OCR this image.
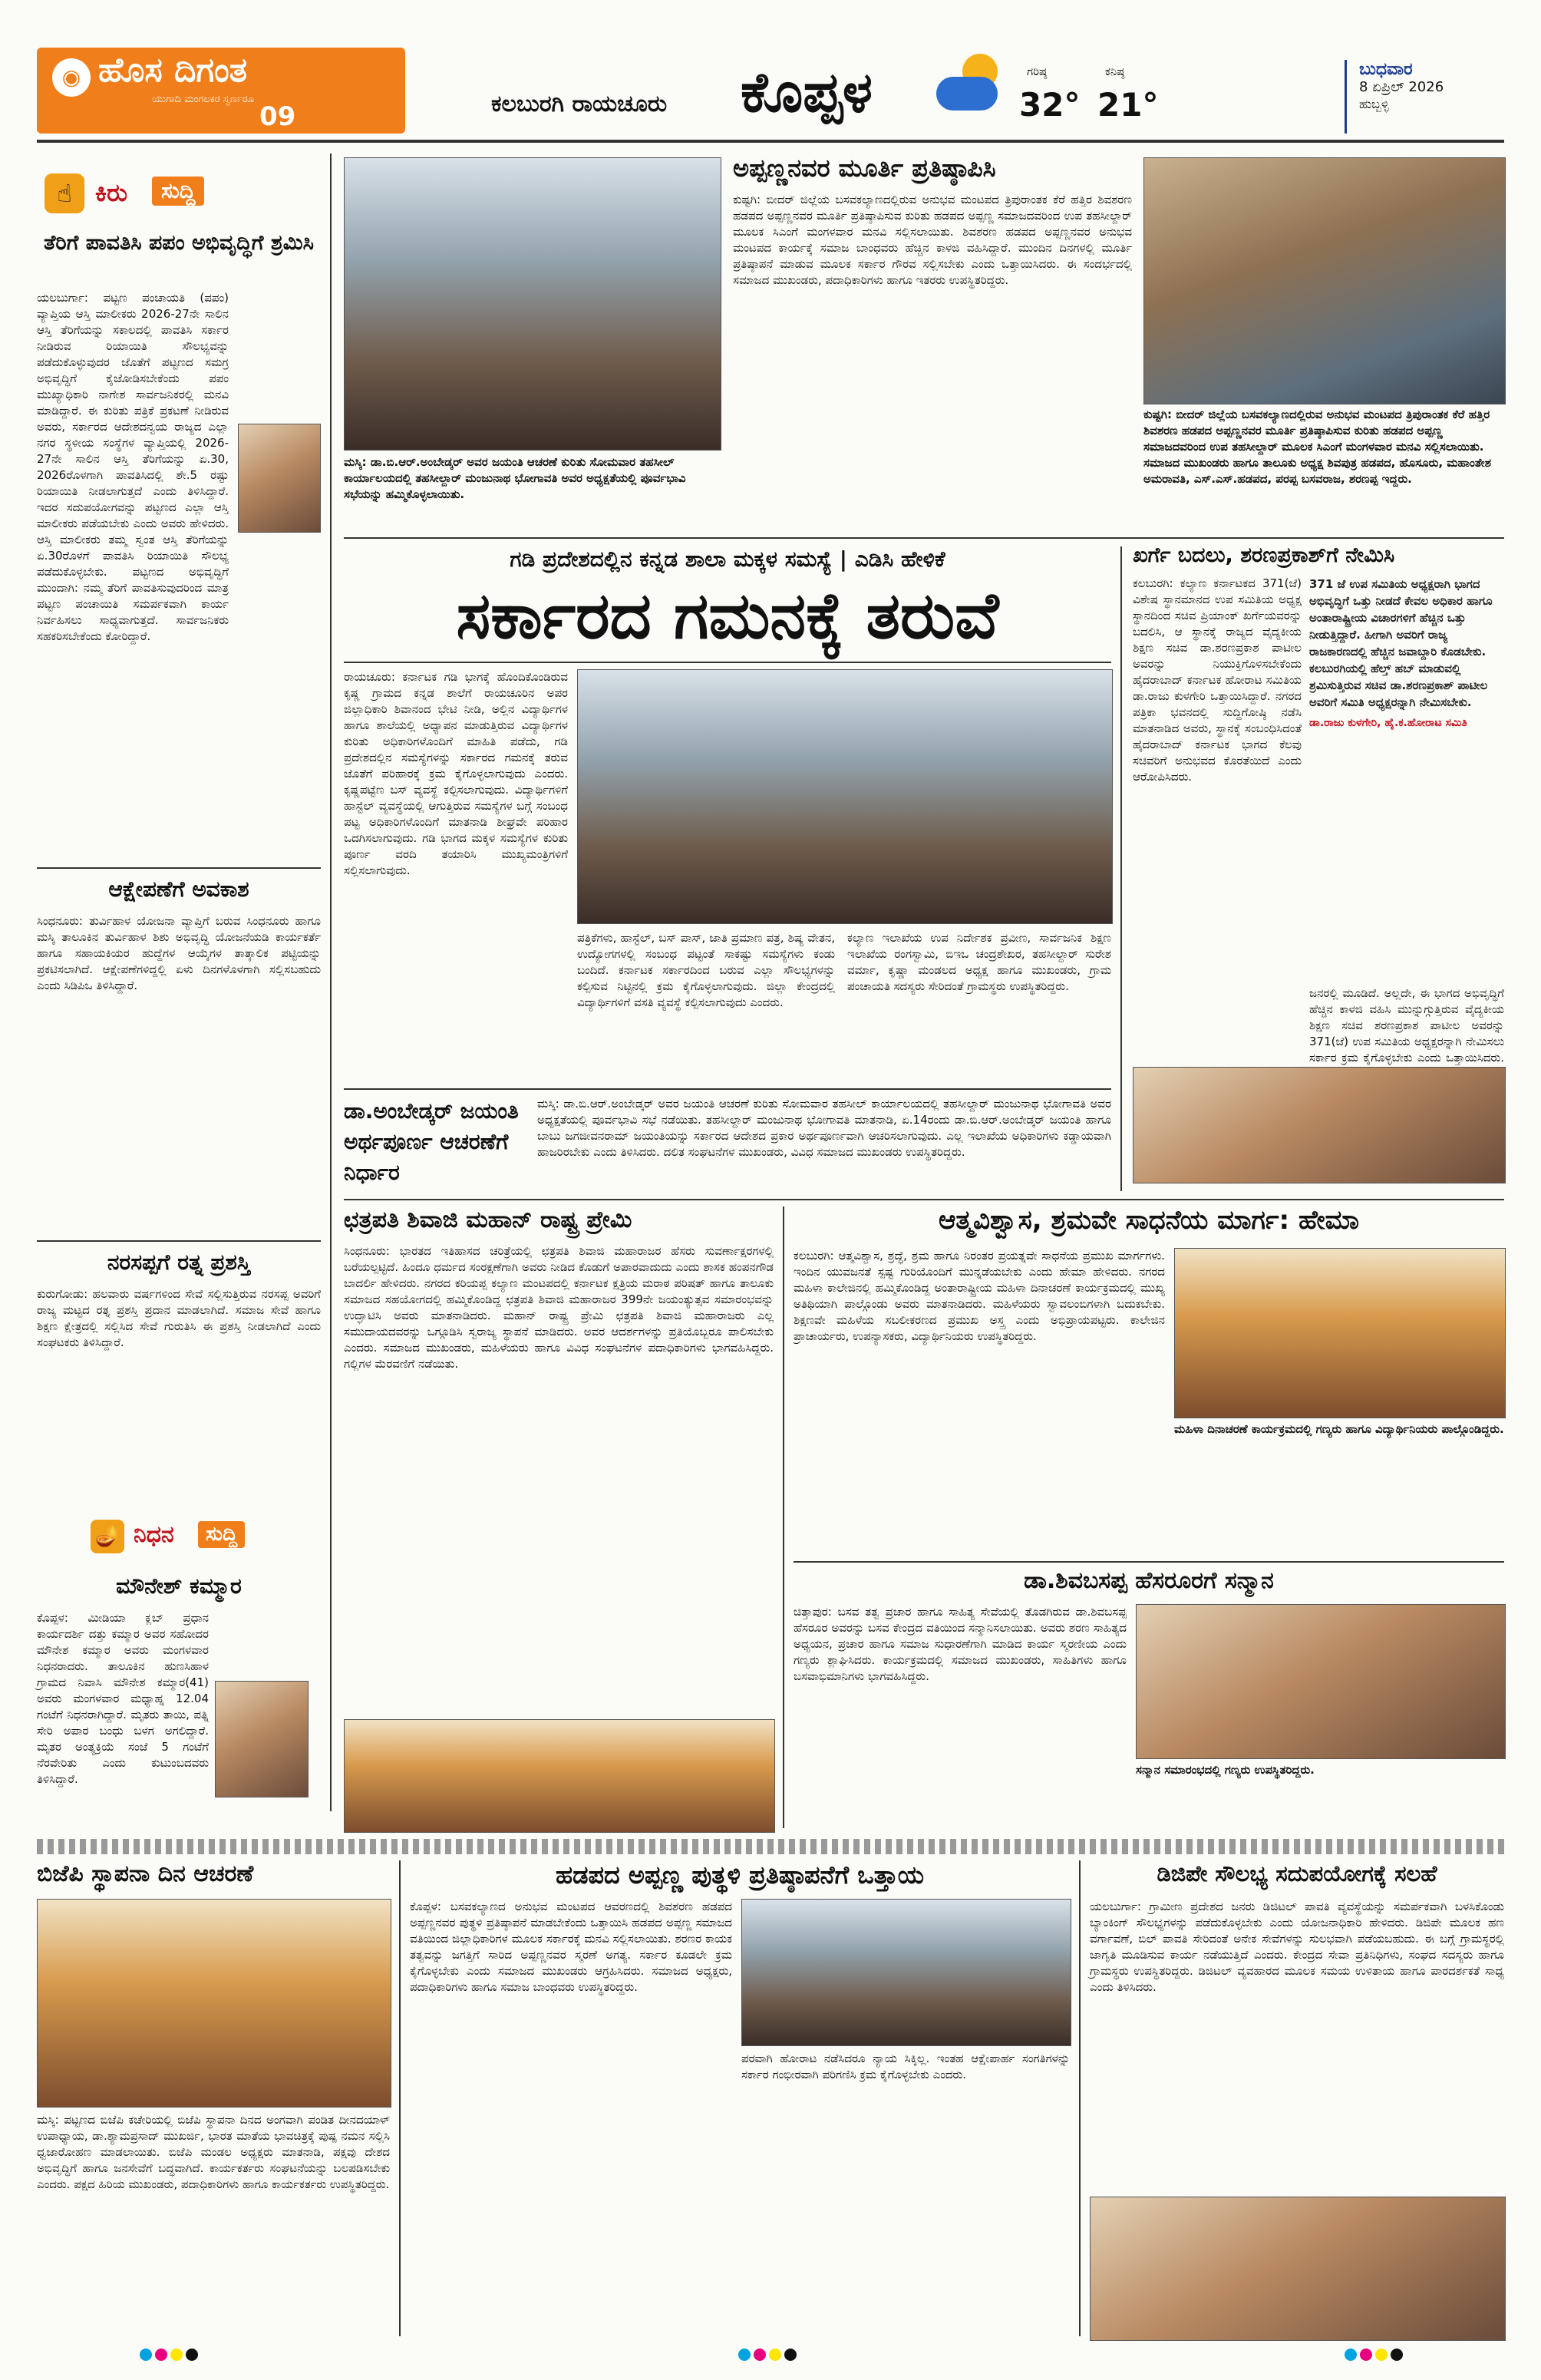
◉ ಹೊಸ ದಿಗಂತ
ಯುಗಾದಿ ಮಂಗಲಕರ ಸ್ವರ್ಣರೂ
09	ಕಲಬುರಗಿ ರಾಯಚೂರು ಕೊಪ್ಪಳ	ಗರಿಷ್ಠ
32°
ಕನಿಷ್ಠ
21°
ಬುಧವಾರ
8 ಏಪ್ರಿಲ್ 2026
ಹುಬ್ಬಳ್ಳಿ
☝ ಕಿರು	ಸುದ್ದಿ
ತೆರಿಗೆ ಪಾವತಿಸಿ ಪಪಂ ಅಭಿವೃದ್ಧಿಗೆ ಶ್ರಮಿಸಿ
ಯಲಬುರ್ಗಾ: ಪಟ್ಟಣ ಪಂಚಾಯತಿ (ಪಪಂ) ವ್ಯಾಪ್ತಿಯ ಆಸ್ತಿ ಮಾಲೀಕರು 2026-27ನೇ ಸಾಲಿನ ಆಸ್ತಿ ತೆರಿಗೆಯನ್ನು ಸಕಾಲದಲ್ಲಿ ಪಾವತಿಸಿ ಸರ್ಕಾರ ನೀಡಿರುವ ರಿಯಾಯಿತಿ ಸೌಲಭ್ಯವನ್ನು ಪಡೆದುಕೊಳ್ಳುವುದರ ಜೊತೆಗೆ ಪಟ್ಟಣದ ಸಮಗ್ರ ಅಭಿವೃದ್ಧಿಗೆ ಕೈಜೋಡಿಸಬೇಕೆಂದು ಪಪಂ ಮುಖ್ಯಾಧಿಕಾರಿ ನಾಗೇಶ ಸಾರ್ವಜನಿಕರಲ್ಲಿ ಮನವಿ ಮಾಡಿದ್ದಾರೆ. ಈ ಕುರಿತು ಪತ್ರಿಕೆ ಪ್ರಕಟಣೆ ನೀಡಿರುವ ಅವರು, ಸರ್ಕಾರದ ಆದೇಶದನ್ವಯ ರಾಜ್ಯದ ಎಲ್ಲಾ ನಗರ ಸ್ಥಳೀಯ ಸಂಸ್ಥೆಗಳ ವ್ಯಾಪ್ತಿಯಲ್ಲಿ 2026-27ನೇ ಸಾಲಿನ ಆಸ್ತಿ ತೆರಿಗೆಯನ್ನು ಏ.30, 2026ರೊಳಗಾಗಿ ಪಾವತಿಸಿದಲ್ಲಿ ಶೇ.5 ರಷ್ಟು ರಿಯಾಯಿತಿ ನೀಡಲಾಗುತ್ತದೆ ಎಂದು ತಿಳಿಸಿದ್ದಾರೆ. ಇದರ ಸದುಪಯೋಗವನ್ನು ಪಟ್ಟಣದ ಎಲ್ಲಾ ಆಸ್ತಿ ಮಾಲೀಕರು ಪಡೆಯಬೇಕು ಎಂದು ಅವರು ಹೇಳಿದರು. ಆಸ್ತಿ ಮಾಲೀಕರು ತಮ್ಮ ಸ್ವಂತ ಆಸ್ತಿ ತೆರಿಗೆಯನ್ನು ಏ.30ರೊಳಗೆ ಪಾವತಿಸಿ ರಿಯಾಯಿತಿ ಸೌಲಭ್ಯ ಪಡೆದುಕೊಳ್ಳಬೇಕು. ಪಟ್ಟಣದ ಅಭಿವೃದ್ಧಿಗೆ ಮುಂದಾಗಿ: ನಮ್ಮ ತೆರಿಗೆ ಪಾವತಿಸುವುದರಿಂದ ಮಾತ್ರ ಪಟ್ಟಣ ಪಂಚಾಯಿತಿ ಸಮರ್ಪಕವಾಗಿ ಕಾರ್ಯ ನಿರ್ವಹಿಸಲು ಸಾಧ್ಯವಾಗುತ್ತದೆ. ಸಾರ್ವಜನಿಕರು ಸಹಕರಿಸಬೇಕೆಂದು ಕೋರಿದ್ದಾರೆ.
ಆಕ್ಷೇಪಣೆಗೆ ಅವಕಾಶ
ಸಿಂಧನೂರು: ತುರ್ವಿಹಾಳ ಯೋಜನಾ ವ್ಯಾಪ್ತಿಗೆ ಬರುವ ಸಿಂಧನೂರು ಹಾಗೂ ಮಸ್ಕಿ ತಾಲೂಕಿನ ತುರ್ವಿಹಾಳ ಶಿಶು ಅಭಿವೃದ್ಧಿ ಯೋಜನೆಯಡಿ ಕಾರ್ಯಕರ್ತೆ ಹಾಗೂ ಸಹಾಯಕಿಯರ ಹುದ್ದೆಗಳ ಆಯ್ಕೆಗಳ ತಾತ್ಕಾಲಿಕ ಪಟ್ಟಿಯನ್ನು ಪ್ರಕಟಿಸಲಾಗಿದೆ. ಆಕ್ಷೇಪಣೆಗಳಿದ್ದಲ್ಲಿ ಏಳು ದಿನಗಳೊಳಗಾಗಿ ಸಲ್ಲಿಸಬಹುದು ಎಂದು ಸಿಡಿಪಿಒ ತಿಳಿಸಿದ್ದಾರೆ.
ನರಸಪ್ಪಗೆ ರತ್ನ ಪ್ರಶಸ್ತಿ
ಕುರುಗೋಡು: ಹಲವಾರು ವರ್ಷಗಳಿಂದ ಸೇವೆ ಸಲ್ಲಿಸುತ್ತಿರುವ ನರಸಪ್ಪ ಅವರಿಗೆ ರಾಜ್ಯ ಮಟ್ಟದ ರತ್ನ ಪ್ರಶಸ್ತಿ ಪ್ರದಾನ ಮಾಡಲಾಗಿದೆ. ಸಮಾಜ ಸೇವೆ ಹಾಗೂ ಶಿಕ್ಷಣ ಕ್ಷೇತ್ರದಲ್ಲಿ ಸಲ್ಲಿಸಿದ ಸೇವೆ ಗುರುತಿಸಿ ಈ ಪ್ರಶಸ್ತಿ ನೀಡಲಾಗಿದೆ ಎಂದು ಸಂಘಟಕರು ತಿಳಿಸಿದ್ದಾರೆ.
🪔 ನಿಧನ	ಸುದ್ದಿ
ಮೌನೇಶ್ ಕಮ್ಮಾರ
ಕೊಪ್ಪಳ: ಮೀಡಿಯಾ ಕ್ಲಬ್ ಪ್ರಧಾನ ಕಾರ್ಯದರ್ಶಿ ದತ್ತು ಕಮ್ಮಾರ ಅವರ ಸಹೋದರ ಮೌನೇಶ ಕಮ್ಮಾರ ಅವರು ಮಂಗಳವಾರ ನಿಧನರಾದರು. ತಾಲೂಕಿನ ಹುಣಸಿಹಾಳ ಗ್ರಾಮದ ನಿವಾಸಿ ಮೌನೇಶ ಕಮ್ಮಾರ(41) ಅವರು ಮಂಗಳವಾರ ಮಧ್ಯಾಹ್ನ 12.04 ಗಂಟೆಗೆ ನಿಧನರಾಗಿದ್ದಾರೆ. ಮೃತರು ತಾಯಿ, ಪತ್ನಿ ಸೇರಿ ಅಪಾರ ಬಂಧು ಬಳಗ ಅಗಲಿದ್ದಾರೆ. ಮೃತರ ಅಂತ್ಯಕ್ರಿಯೆ ಸಂಜೆ 5 ಗಂಟೆಗೆ ನೆರವೇರಿತು ಎಂದು ಕುಟುಂಬದವರು ತಿಳಿಸಿದ್ದಾರೆ.
ಮಸ್ಕಿ: ಡಾ.ಬಿ.ಆರ್.ಅಂಬೇಡ್ಕರ್ ಅವರ ಜಯಂತಿ ಆಚರಣೆ ಕುರಿತು ಸೋಮವಾರ ತಹಸೀಲ್ ಕಾರ್ಯಾಲಯದಲ್ಲಿ ತಹಸೀಲ್ದಾರ್ ಮಂಜುನಾಥ ಭೋಗಾವತಿ ಅವರ ಅಧ್ಯಕ್ಷತೆಯಲ್ಲಿ ಪೂರ್ವಭಾವಿ ಸಭೆಯನ್ನು ಹಮ್ಮಿಕೊಳ್ಳಲಾಯಿತು.
ಅಪ್ಪಣ್ಣನವರ ಮೂರ್ತಿ ಪ್ರತಿಷ್ಠಾಪಿಸಿ
ಕುಷ್ಟಗಿ: ಬೀದರ್ ಜಿಲ್ಲೆಯ ಬಸವಕಲ್ಯಾಣದಲ್ಲಿರುವ ಅನುಭವ ಮಂಟಪದ ತ್ರಿಪುರಾಂತಕ ಕೆರೆ ಹತ್ತಿರ ಶಿವಶರಣ ಹಡಪದ ಅಪ್ಪಣ್ಣನವರ ಮೂರ್ತಿ ಪ್ರತಿಷ್ಠಾಪಿಸುವ ಕುರಿತು ಹಡಪದ ಅಪ್ಪಣ್ಣ ಸಮಾಜದವರಿಂದ ಉಪ ತಹಸೀಲ್ದಾರ್ ಮೂಲಕ ಸಿಎಂಗೆ ಮಂಗಳವಾರ ಮನವಿ ಸಲ್ಲಿಸಲಾಯಿತು. ಶಿವಶರಣ ಹಡಪದ ಅಪ್ಪಣ್ಣನವರ ಅನುಭವ ಮಂಟಪದ ಕಾರ್ಯಕ್ಕೆ ಸಮಾಜ ಬಾಂಧವರು ಹೆಚ್ಚಿನ ಕಾಳಜಿ ವಹಿಸಿದ್ದಾರೆ. ಮುಂದಿನ ದಿನಗಳಲ್ಲಿ ಮೂರ್ತಿ ಪ್ರತಿಷ್ಠಾಪನೆ ಮಾಡುವ ಮೂಲಕ ಸರ್ಕಾರ ಗೌರವ ಸಲ್ಲಿಸಬೇಕು ಎಂದು ಒತ್ತಾಯಿಸಿದರು. ಈ ಸಂದರ್ಭದಲ್ಲಿ ಸಮಾಜದ ಮುಖಂಡರು, ಪದಾಧಿಕಾರಿಗಳು ಹಾಗೂ ಇತರರು ಉಪಸ್ಥಿತರಿದ್ದರು.
ಕುಷ್ಟಗಿ: ಬೀದರ್ ಜಿಲ್ಲೆಯ ಬಸವಕಲ್ಯಾಣದಲ್ಲಿರುವ ಅನುಭವ ಮಂಟಪದ ತ್ರಿಪುರಾಂತಕ ಕೆರೆ ಹತ್ತಿರ ಶಿವಶರಣ ಹಡಪದ ಅಪ್ಪಣ್ಣನವರ ಮೂರ್ತಿ ಪ್ರತಿಷ್ಠಾಪಿಸುವ ಕುರಿತು ಹಡಪದ ಅಪ್ಪಣ್ಣ ಸಮಾಜದವರಿಂದ ಉಪ ತಹಸೀಲ್ದಾರ್ ಮೂಲಕ ಸಿಎಂಗೆ ಮಂಗಳವಾರ ಮನವಿ ಸಲ್ಲಿಸಲಾಯಿತು. ಸಮಾಜದ ಮುಖಂಡರು ಹಾಗೂ ತಾಲೂಕು ಅಧ್ಯಕ್ಷ ಶಿವಪುತ್ರ ಹಡಪದ, ಹೊಸೂರು, ಮಹಾಂತೇಶ ಅಮರಾವತಿ, ಎಸ್.ಎಸ್.ಹಡಪದ, ಪರಪ್ಪ ಬಸವರಾಜ, ಶರಣಪ್ಪ ಇದ್ದರು.
ಗಡಿ ಪ್ರದೇಶದಲ್ಲಿನ ಕನ್ನಡ ಶಾಲಾ ಮಕ್ಕಳ ಸಮಸ್ಯೆ | ಎಡಿಸಿ ಹೇಳಿಕೆ
ಸರ್ಕಾರದ ಗಮನಕ್ಕೆ ತರುವೆ
ರಾಯಚೂರು: ಕರ್ನಾಟಕ ಗಡಿ ಭಾಗಕ್ಕೆ ಹೊಂದಿಕೊಂಡಿರುವ ಕೃಷ್ಣ ಗ್ರಾಮದ ಕನ್ನಡ ಶಾಲೆಗೆ ರಾಯಚೂರಿನ ಅಪರ ಜಿಲ್ಲಾಧಿಕಾರಿ ಶಿವಾನಂದ ಭೇಟಿ ನೀಡಿ, ಅಲ್ಲಿನ ವಿದ್ಯಾರ್ಥಿಗಳ ಹಾಗೂ ಶಾಲೆಯಲ್ಲಿ ಅಧ್ಯಾಪನ ಮಾಡುತ್ತಿರುವ ವಿದ್ಯಾರ್ಥಿಗಳ ಕುರಿತು ಅಧಿಕಾರಿಗಳೊಂದಿಗೆ ಮಾಹಿತಿ ಪಡೆದು, ಗಡಿ ಪ್ರದೇಶದಲ್ಲಿನ ಸಮಸ್ಯೆಗಳನ್ನು ಸರ್ಕಾರದ ಗಮನಕ್ಕೆ ತರುವ ಜೊತೆಗೆ ಪರಿಹಾರಕ್ಕೆ ಕ್ರಮ ಕೈಗೊಳ್ಳಲಾಗುವುದು ಎಂದರು. ಕೃಷ್ಣಪಟ್ಟೆಣ ಬಸ್ ವ್ಯವಸ್ಥೆ ಕಲ್ಪಿಸಲಾಗುವುದು. ವಿದ್ಯಾರ್ಥಿಗಳಿಗೆ ಹಾಸ್ಟೆಲ್ ವ್ಯವಸ್ಥೆಯಲ್ಲಿ ಆಗುತ್ತಿರುವ ಸಮಸ್ಯೆಗಳ ಬಗ್ಗೆ ಸಂಬಂಧ ಪಟ್ಟ ಅಧಿಕಾರಿಗಳೊಂದಿಗೆ ಮಾತನಾಡಿ ಶೀಘ್ರವೇ ಪರಿಹಾರ ಒದಗಿಸಲಾಗುವುದು. ಗಡಿ ಭಾಗದ ಮಕ್ಕಳ ಸಮಸ್ಯೆಗಳ ಕುರಿತು ಪೂರ್ಣ ವರದಿ ತಯಾರಿಸಿ ಮುಖ್ಯಮಂತ್ರಿಗಳಿಗೆ ಸಲ್ಲಿಸಲಾಗುವುದು.
ಪತ್ರಿಕೆಗಳು, ಹಾಸ್ಟೆಲ್, ಬಸ್ ಪಾಸ್, ಜಾತಿ ಪ್ರಮಾಣ ಪತ್ರ, ಶಿಷ್ಯ ವೇತನ, ಉದ್ಯೋಗಗಳಲ್ಲಿ ಸಂಬಂಧ ಪಟ್ಟಂತೆ ಸಾಕಷ್ಟು ಸಮಸ್ಯೆಗಳು ಕಂಡು ಬಂದಿದೆ. ಕರ್ನಾಟಕ ಸರ್ಕಾರದಿಂದ ಬರುವ ಎಲ್ಲಾ ಸೌಲಭ್ಯಗಳನ್ನು ಕಲ್ಪಿಸುವ ನಿಟ್ಟಿನಲ್ಲಿ ಕ್ರಮ ಕೈಗೊಳ್ಳಲಾಗುವುದು. ಜಿಲ್ಲಾ ಕೇಂದ್ರದಲ್ಲಿ ವಿದ್ಯಾರ್ಥಿಗಳಿಗೆ ವಸತಿ ವ್ಯವಸ್ಥೆ ಕಲ್ಪಿಸಲಾಗುವುದು ಎಂದರು.
ಕಲ್ಯಾಣ ಇಲಾಖೆಯ ಉಪ ನಿರ್ದೇಶಕ ಪ್ರವೀಣ, ಸಾರ್ವಜನಿಕ ಶಿಕ್ಷಣ ಇಲಾಖೆಯ ರಂಗಸ್ವಾಮಿ, ಬಿಇಒ ಚಂದ್ರಶೇಖರ, ತಹಸೀಲ್ದಾರ್ ಸುರೇಶ ವರ್ಮಾ, ಕೃಷ್ಣಾ ಮಂಡಲದ ಅಧ್ಯಕ್ಷ ಹಾಗೂ ಮುಖಂಡರು, ಗ್ರಾಮ ಪಂಚಾಯತಿ ಸದಸ್ಯರು ಸೇರಿದಂತೆ ಗ್ರಾಮಸ್ಥರು ಉಪಸ್ಥಿತರಿದ್ದರು.
ಖರ್ಗೆ ಬದಲು, ಶರಣಪ್ರಕಾಶ್‌ಗೆ ನೇಮಿಸಿ
ಕಲಬುರಗಿ: ಕಲ್ಯಾಣ ಕರ್ನಾಟಕದ 371(ಜೆ) ವಿಶೇಷ ಸ್ಥಾನಮಾನದ ಉಪ ಸಮಿತಿಯ ಅಧ್ಯಕ್ಷ ಸ್ಥಾನದಿಂದ ಸಚಿವ ಪ್ರಿಯಾಂಕ್ ಖರ್ಗೆಯವರನ್ನು ಬದಲಿಸಿ, ಆ ಸ್ಥಾನಕ್ಕೆ ರಾಜ್ಯದ ವೈದ್ಯಕೀಯ ಶಿಕ್ಷಣ ಸಚಿವ ಡಾ.ಶರಣಪ್ರಕಾಶ ಪಾಟೀಲ ಅವರನ್ನು ನಿಯುಕ್ತಿಗೊಳಿಸಬೇಕೆಂದು ಹೈದರಾಬಾದ್ ಕರ್ನಾಟಕ ಹೋರಾಟ ಸಮಿತಿಯ ಡಾ.ರಾಜು ಕುಳಗೇರಿ ಒತ್ತಾಯಿಸಿದ್ದಾರೆ. ನಗರದ ಪತ್ರಿಕಾ ಭವನದಲ್ಲಿ ಸುದ್ದಿಗೋಷ್ಠಿ ನಡೆಸಿ ಮಾತನಾಡಿದ ಅವರು, ಸ್ಥಾನಕ್ಕೆ ಸಂಬಂಧಿಸಿದಂತೆ ಹೈದರಾಬಾದ್ ಕರ್ನಾಟಕ ಭಾಗದ ಕೆಲವು ಸಚಿವರಿಗೆ ಅನುಭವದ ಕೊರತೆಯಿದೆ ಎಂದು ಆರೋಪಿಸಿದರು.
371 ಜೆ ಉಪ ಸಮಿತಿಯ ಅಧ್ಯಕ್ಷರಾಗಿ ಭಾಗದ ಅಭಿವೃದ್ಧಿಗೆ ಒತ್ತು ನೀಡದೆ ಕೇವಲ ಅಧಿಕಾರ ಹಾಗೂ ಅಂತಾರಾಷ್ಟ್ರೀಯ ವಿಚಾರಗಳಿಗೆ ಹೆಚ್ಚಿನ ಒತ್ತು ನೀಡುತ್ತಿದ್ದಾರೆ. ಹೀಗಾಗಿ ಅವರಿಗೆ ರಾಜ್ಯ ರಾಜಕಾರಣದಲ್ಲಿ ಹೆಚ್ಚಿನ ಜವಾಬ್ದಾರಿ ಕೊಡಬೇಕು. ಕಲಬುರಗಿಯಲ್ಲಿ ಹೆಲ್ತ್ ಹಬ್ ಮಾಡುವಲ್ಲಿ ಶ್ರಮಿಸುತ್ತಿರುವ ಸಚಿವ ಡಾ.ಶರಣಪ್ರಕಾಶ್ ಪಾಟೀಲ ಅವರಿಗೆ ಸಮಿತಿ ಅಧ್ಯಕ್ಷರನ್ನಾಗಿ ನೇಮಿಸಬೇಕು.
ಡಾ.ರಾಜು ಕುಳಗೇರಿ, ಹೈ.ಕ.ಹೋರಾಟ ಸಮಿತಿ
ಜನರಲ್ಲಿ ಮೂಡಿದೆ. ಅಲ್ಲದೇ, ಈ ಭಾಗದ ಅಭಿವೃದ್ಧಿಗೆ ಹೆಚ್ಚಿನ ಕಾಳಜಿ ವಹಿಸಿ ಮುನ್ನುಗ್ಗುತ್ತಿರುವ ವೈದ್ಯಕೀಯ ಶಿಕ್ಷಣ ಸಚಿವ ಶರಣಪ್ರಕಾಶ ಪಾಟೀಲ ಅವರನ್ನು 371(ಜೆ) ಉಪ ಸಮಿತಿಯ ಅಧ್ಯಕ್ಷರನ್ನಾಗಿ ನೇಮಿಸಲು ಸರ್ಕಾರ ಕ್ರಮ ಕೈಗೊಳ್ಳಬೇಕು ಎಂದು ಒತ್ತಾಯಿಸಿದರು.
ಡಾ.ಅಂಬೇಡ್ಕರ್ ಜಯಂತಿ ಅರ್ಥಪೂರ್ಣ ಆಚರಣೆಗೆ ನಿರ್ಧಾರ
ಮಸ್ಕಿ: ಡಾ.ಬಿ.ಆರ್.ಅಂಬೇಡ್ಕರ್ ಅವರ ಜಯಂತಿ ಆಚರಣೆ ಕುರಿತು ಸೋಮವಾರ ತಹಸೀಲ್ ಕಾರ್ಯಾಲಯದಲ್ಲಿ ತಹಸೀಲ್ದಾರ್ ಮಂಜುನಾಥ ಭೋಗಾವತಿ ಅವರ ಅಧ್ಯಕ್ಷತೆಯಲ್ಲಿ ಪೂರ್ವಭಾವಿ ಸಭೆ ನಡೆಯಿತು. ತಹಸೀಲ್ದಾರ್ ಮಂಜುನಾಥ ಭೋಗಾವತಿ ಮಾತನಾಡಿ, ಏ.14ರಂದು ಡಾ.ಬಿ.ಆರ್.ಅಂಬೇಡ್ಕರ್ ಜಯಂತಿ ಹಾಗೂ ಬಾಬು ಜಗಜೀವನರಾಮ್ ಜಯಂತಿಯನ್ನು ಸರ್ಕಾರದ ಆದೇಶದ ಪ್ರಕಾರ ಅರ್ಥಪೂರ್ಣವಾಗಿ ಆಚರಿಸಲಾಗುವುದು. ಎಲ್ಲ ಇಲಾಖೆಯ ಅಧಿಕಾರಿಗಳು ಕಡ್ಡಾಯವಾಗಿ ಹಾಜರಿರಬೇಕು ಎಂದು ತಿಳಿಸಿದರು. ದಲಿತ ಸಂಘಟನೆಗಳ ಮುಖಂಡರು, ವಿವಿಧ ಸಮಾಜದ ಮುಖಂಡರು ಉಪಸ್ಥಿತರಿದ್ದರು.
ಛತ್ರಪತಿ ಶಿವಾಜಿ ಮಹಾನ್ ರಾಷ್ಟ್ರ ಪ್ರೇಮಿ
ಸಿಂಧನೂರು: ಭಾರತದ ಇತಿಹಾಸದ ಚರಿತ್ರೆಯಲ್ಲಿ ಛತ್ರಪತಿ ಶಿವಾಜಿ ಮಹಾರಾಜರ ಹೆಸರು ಸುವರ್ಣಾಕ್ಷರಗಳಲ್ಲಿ ಬರೆಯಲ್ಪಟ್ಟಿದೆ. ಹಿಂದೂ ಧರ್ಮದ ಸಂರಕ್ಷಣೆಗಾಗಿ ಅವರು ನೀಡಿದ ಕೊಡುಗೆ ಅಪಾರವಾದುದು ಎಂದು ಶಾಸಕ ಹಂಪನಗೌಡ ಬಾದರ್ಲಿ ಹೇಳಿದರು. ನಗರದ ಕರಿಯಪ್ಪ ಕಲ್ಯಾಣ ಮಂಟಪದಲ್ಲಿ ಕರ್ನಾಟಕ ಕ್ಷತ್ರಿಯ ಮರಾಠ ಪರಿಷತ್ ಹಾಗೂ ತಾಲೂಕು ಸಮಾಜದ ಸಹಯೋಗದಲ್ಲಿ ಹಮ್ಮಿಕೊಂಡಿದ್ದ ಛತ್ರಪತಿ ಶಿವಾಜಿ ಮಹಾರಾಜರ 399ನೇ ಜಯಂತ್ಯುತ್ಸವ ಸಮಾರಂಭವನ್ನು ಉದ್ಘಾಟಿಸಿ ಅವರು ಮಾತನಾಡಿದರು. ಮಹಾನ್ ರಾಷ್ಟ್ರ ಪ್ರೇಮಿ ಛತ್ರಪತಿ ಶಿವಾಜಿ ಮಹಾರಾಜರು ಎಲ್ಲ ಸಮುದಾಯದವರನ್ನು ಒಗ್ಗೂಡಿಸಿ ಸ್ವರಾಜ್ಯ ಸ್ಥಾಪನೆ ಮಾಡಿದರು. ಅವರ ಆದರ್ಶಗಳನ್ನು ಪ್ರತಿಯೊಬ್ಬರೂ ಪಾಲಿಸಬೇಕು ಎಂದರು. ಸಮಾಜದ ಮುಖಂಡರು, ಮಹಿಳೆಯರು ಹಾಗೂ ವಿವಿಧ ಸಂಘಟನೆಗಳ ಪದಾಧಿಕಾರಿಗಳು ಭಾಗವಹಿಸಿದ್ದರು. ಗಲ್ಲಿಗಳ ಮೆರವಣಿಗೆ ನಡೆಯಿತು.
ಆತ್ಮವಿಶ್ವಾಸ, ಶ್ರಮವೇ ಸಾಧನೆಯ ಮಾರ್ಗ: ಹೇಮಾ
ಕಲಬುರಗಿ: ಆತ್ಮವಿಶ್ವಾಸ, ಶ್ರದ್ಧೆ, ಶ್ರಮ ಹಾಗೂ ನಿರಂತರ ಪ್ರಯತ್ನವೇ ಸಾಧನೆಯ ಪ್ರಮುಖ ಮಾರ್ಗಗಳು. ಇಂದಿನ ಯುವಜನತೆ ಸ್ಪಷ್ಟ ಗುರಿಯೊಂದಿಗೆ ಮುನ್ನಡೆಯಬೇಕು ಎಂದು ಹೇಮಾ ಹೇಳಿದರು. ನಗರದ ಮಹಿಳಾ ಕಾಲೇಜಿನಲ್ಲಿ ಹಮ್ಮಿಕೊಂಡಿದ್ದ ಅಂತಾರಾಷ್ಟ್ರೀಯ ಮಹಿಳಾ ದಿನಾಚರಣೆ ಕಾರ್ಯಕ್ರಮದಲ್ಲಿ ಮುಖ್ಯ ಅತಿಥಿಯಾಗಿ ಪಾಲ್ಗೊಂಡು ಅವರು ಮಾತನಾಡಿದರು. ಮಹಿಳೆಯರು ಸ್ವಾವಲಂಬಿಗಳಾಗಿ ಬದುಕಬೇಕು. ಶಿಕ್ಷಣವೇ ಮಹಿಳೆಯ ಸಬಲೀಕರಣದ ಪ್ರಮುಖ ಅಸ್ತ್ರ ಎಂದು ಅಭಿಪ್ರಾಯಪಟ್ಟರು. ಕಾಲೇಜಿನ ಪ್ರಾಚಾರ್ಯರು, ಉಪನ್ಯಾಸಕರು, ವಿದ್ಯಾರ್ಥಿನಿಯರು ಉಪಸ್ಥಿತರಿದ್ದರು.
ಮಹಿಳಾ ದಿನಾಚರಣೆ ಕಾರ್ಯಕ್ರಮದಲ್ಲಿ ಗಣ್ಯರು ಹಾಗೂ ವಿದ್ಯಾರ್ಥಿನಿಯರು ಪಾಲ್ಗೊಂಡಿದ್ದರು.
ಡಾ.ಶಿವಬಸಪ್ಪ ಹೆಸರೂರಗೆ ಸನ್ಮಾನ
ಚಿತ್ತಾಪುರ: ಬಸವ ತತ್ವ ಪ್ರಚಾರ ಹಾಗೂ ಸಾಹಿತ್ಯ ಸೇವೆಯಲ್ಲಿ ತೊಡಗಿರುವ ಡಾ.ಶಿವಬಸಪ್ಪ ಹೆಸರೂರ ಅವರನ್ನು ಬಸವ ಕೇಂದ್ರದ ವತಿಯಿಂದ ಸನ್ಮಾನಿಸಲಾಯಿತು. ಅವರು ಶರಣ ಸಾಹಿತ್ಯದ ಅಧ್ಯಯನ, ಪ್ರಚಾರ ಹಾಗೂ ಸಮಾಜ ಸುಧಾರಣೆಗಾಗಿ ಮಾಡಿದ ಕಾರ್ಯ ಸ್ಮರಣೀಯ ಎಂದು ಗಣ್ಯರು ಶ್ಲಾಘಿಸಿದರು. ಕಾರ್ಯಕ್ರಮದಲ್ಲಿ ಸಮಾಜದ ಮುಖಂಡರು, ಸಾಹಿತಿಗಳು ಹಾಗೂ ಬಸವಾಭಿಮಾನಿಗಳು ಭಾಗವಹಿಸಿದ್ದರು.
ಸನ್ಮಾನ ಸಮಾರಂಭದಲ್ಲಿ ಗಣ್ಯರು ಉಪಸ್ಥಿತರಿದ್ದರು.
ಬಿಜೆಪಿ ಸ್ಥಾಪನಾ ದಿನ ಆಚರಣೆ
ಮಸ್ಕಿ: ಪಟ್ಟಣದ ಬಿಜೆಪಿ ಕಚೇರಿಯಲ್ಲಿ ಬಿಜೆಪಿ ಸ್ಥಾಪನಾ ದಿನದ ಅಂಗವಾಗಿ ಪಂಡಿತ ದೀನದಯಾಳ್ ಉಪಾಧ್ಯಾಯ, ಡಾ.ಶ್ಯಾಮಪ್ರಸಾದ್ ಮುಖರ್ಜಿ, ಭಾರತ ಮಾತೆಯ ಭಾವಚಿತ್ರಕ್ಕೆ ಪುಷ್ಪ ನಮನ ಸಲ್ಲಿಸಿ ಧ್ವಜಾರೋಹಣ ಮಾಡಲಾಯಿತು. ಬಿಜೆಪಿ ಮಂಡಲ ಅಧ್ಯಕ್ಷರು ಮಾತನಾಡಿ, ಪಕ್ಷವು ದೇಶದ ಅಭಿವೃದ್ಧಿಗೆ ಹಾಗೂ ಜನಸೇವೆಗೆ ಬದ್ಧವಾಗಿದೆ. ಕಾರ್ಯಕರ್ತರು ಸಂಘಟನೆಯನ್ನು ಬಲಪಡಿಸಬೇಕು ಎಂದರು. ಪಕ್ಷದ ಹಿರಿಯ ಮುಖಂಡರು, ಪದಾಧಿಕಾರಿಗಳು ಹಾಗೂ ಕಾರ್ಯಕರ್ತರು ಉಪಸ್ಥಿತರಿದ್ದರು.
ಹಡಪದ ಅಪ್ಪಣ್ಣ ಪುತ್ಥಳಿ ಪ್ರತಿಷ್ಠಾಪನೆಗೆ ಒತ್ತಾಯ
ಕೊಪ್ಪಳ: ಬಸವಕಲ್ಯಾಣದ ಅನುಭವ ಮಂಟಪದ ಆವರಣದಲ್ಲಿ ಶಿವಶರಣ ಹಡಪದ ಅಪ್ಪಣ್ಣನವರ ಪುತ್ಥಳಿ ಪ್ರತಿಷ್ಠಾಪನೆ ಮಾಡಬೇಕೆಂದು ಒತ್ತಾಯಿಸಿ ಹಡಪದ ಅಪ್ಪಣ್ಣ ಸಮಾಜದ ವತಿಯಿಂದ ಜಿಲ್ಲಾಧಿಕಾರಿಗಳ ಮೂಲಕ ಸರ್ಕಾರಕ್ಕೆ ಮನವಿ ಸಲ್ಲಿಸಲಾಯಿತು. ಶರಣರ ಕಾಯಕ ತತ್ವವನ್ನು ಜಗತ್ತಿಗೆ ಸಾರಿದ ಅಪ್ಪಣ್ಣನವರ ಸ್ಮರಣೆ ಅಗತ್ಯ. ಸರ್ಕಾರ ಕೂಡಲೇ ಕ್ರಮ ಕೈಗೊಳ್ಳಬೇಕು ಎಂದು ಸಮಾಜದ ಮುಖಂಡರು ಆಗ್ರಹಿಸಿದರು. ಸಮಾಜದ ಅಧ್ಯಕ್ಷರು, ಪದಾಧಿಕಾರಿಗಳು ಹಾಗೂ ಸಮಾಜ ಬಾಂಧವರು ಉಪಸ್ಥಿತರಿದ್ದರು.
ಪರವಾಗಿ ಹೋರಾಟ ನಡೆಸಿದರೂ ನ್ಯಾಯ ಸಿಕ್ಕಿಲ್ಲ. ಇಂತಹ ಆಕ್ಷೇಪಾರ್ಹ ಸಂಗತಿಗಳನ್ನು ಸರ್ಕಾರ ಗಂಭೀರವಾಗಿ ಪರಿಗಣಿಸಿ ಕ್ರಮ ಕೈಗೊಳ್ಳಬೇಕು ಎಂದರು.
ಡಿಜಿಪೇ ಸೌಲಭ್ಯ ಸದುಪಯೋಗಕ್ಕೆ ಸಲಹೆ
ಯಲಬುರ್ಗಾ: ಗ್ರಾಮೀಣ ಪ್ರದೇಶದ ಜನರು ಡಿಜಿಟಲ್ ಪಾವತಿ ವ್ಯವಸ್ಥೆಯನ್ನು ಸಮರ್ಪಕವಾಗಿ ಬಳಸಿಕೊಂಡು ಬ್ಯಾಂಕಿಂಗ್ ಸೌಲಭ್ಯಗಳನ್ನು ಪಡೆದುಕೊಳ್ಳಬೇಕು ಎಂದು ಯೋಜನಾಧಿಕಾರಿ ಹೇಳಿದರು. ಡಿಜಿಪೇ ಮೂಲಕ ಹಣ ವರ್ಗಾವಣೆ, ಬಿಲ್ ಪಾವತಿ ಸೇರಿದಂತೆ ಅನೇಕ ಸೇವೆಗಳನ್ನು ಸುಲಭವಾಗಿ ಪಡೆಯಬಹುದು. ಈ ಬಗ್ಗೆ ಗ್ರಾಮಸ್ಥರಲ್ಲಿ ಜಾಗೃತಿ ಮೂಡಿಸುವ ಕಾರ್ಯ ನಡೆಯುತ್ತಿದೆ ಎಂದರು. ಕೇಂದ್ರದ ಸೇವಾ ಪ್ರತಿನಿಧಿಗಳು, ಸಂಘದ ಸದಸ್ಯರು ಹಾಗೂ ಗ್ರಾಮಸ್ಥರು ಉಪಸ್ಥಿತರಿದ್ದರು. ಡಿಜಿಟಲ್ ವ್ಯವಹಾರದ ಮೂಲಕ ಸಮಯ ಉಳಿತಾಯ ಹಾಗೂ ಪಾರದರ್ಶಕತೆ ಸಾಧ್ಯ ಎಂದು ತಿಳಿಸಿದರು.
